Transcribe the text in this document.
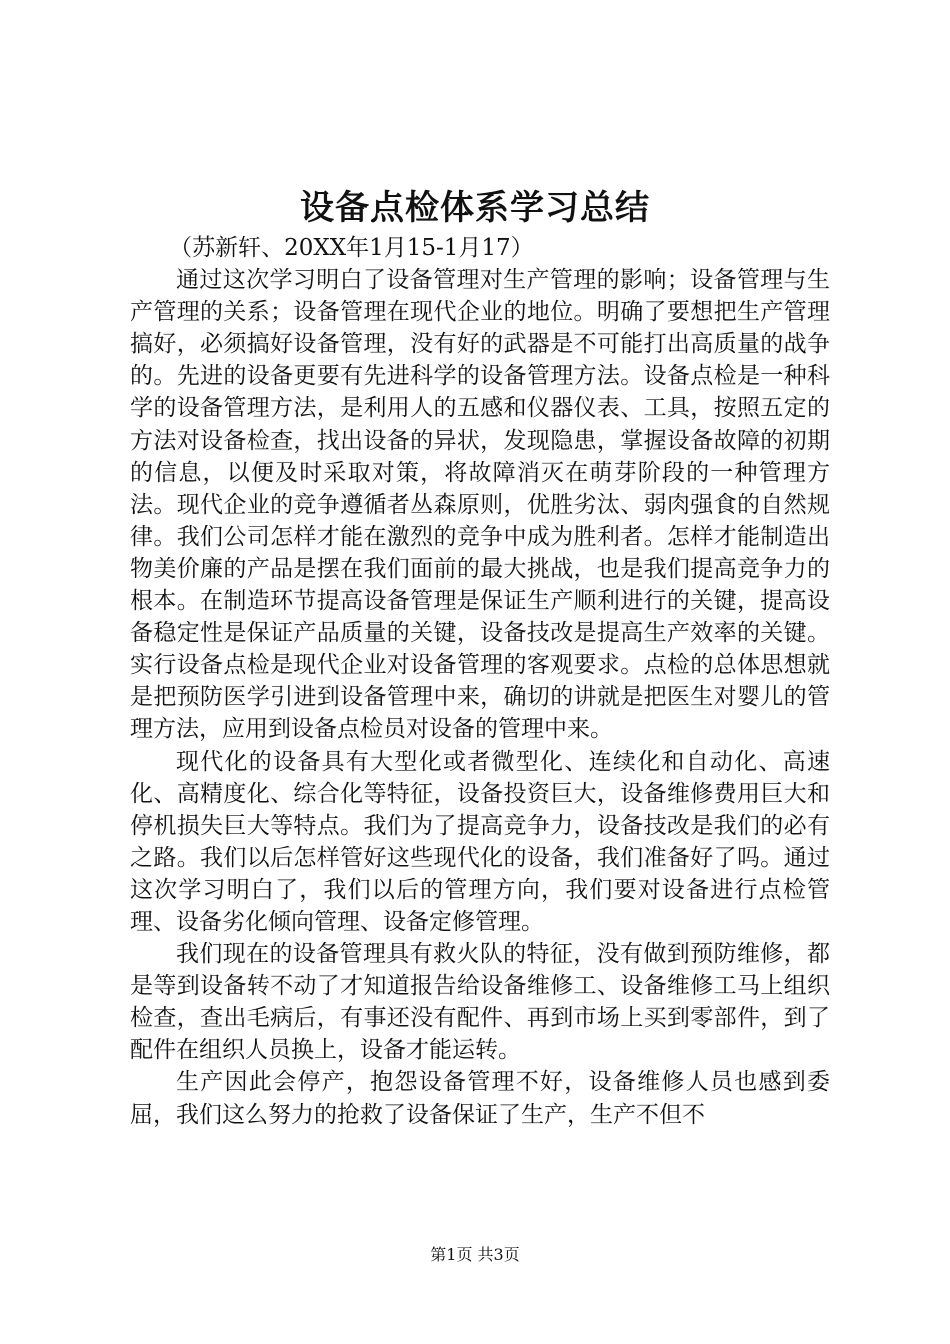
设备点检体系学习总结

（苏新轩、20XX年1月15-1月17）

通过这次学习明白了设备管理对生产管理的影响；设备管理与生产管理的关系；设备管理在现代企业的地位。明确了要想把生产管理搞好，必须搞好设备管理，没有好的武器是不可能打出高质量的战争的。先进的设备更要有先进科学的设备管理方法。设备点检是一种科学的设备管理方法，是利用人的五感和仪器仪表、工具，按照五定的方法对设备检查，找出设备的异状，发现隐患，掌握设备故障的初期的信息，以便及时采取对策，将故障消灭在萌芽阶段的一种管理方法。现代企业的竞争遵循者丛森原则，优胜劣汰、弱肉强食的自然规律。我们公司怎样才能在激烈的竞争中成为胜利者。怎样才能制造出物美价廉的产品是摆在我们面前的最大挑战，也是我们提高竞争力的根本。在制造环节提高设备管理是保证生产顺利进行的关键，提高设备稳定性是保证产品质量的关键，设备技改是提高生产效率的关键。实行设备点检是现代企业对设备管理的客观要求。点检的总体思想就是把预防医学引进到设备管理中来，确切的讲就是把医生对婴儿的管理方法，应用到设备点检员对设备的管理中来。

现代化的设备具有大型化或者微型化、连续化和自动化、高速化、高精度化、综合化等特征，设备投资巨大，设备维修费用巨大和停机损失巨大等特点。我们为了提高竞争力，设备技改是我们的必有之路。我们以后怎样管好这些现代化的设备，我们准备好了吗。通过这次学习明白了，我们以后的管理方向，我们要对设备进行点检管理、设备劣化倾向管理、设备定修管理。

我们现在的设备管理具有救火队的特征，没有做到预防维修，都是等到设备转不动了才知道报告给设备维修工、设备维修工马上组织检查，查出毛病后，有事还没有配件、再到市场上买到零部件，到了配件在组织人员换上，设备才能运转。

生产因此会停产，抱怨设备管理不好，设备维修人员也感到委屈，我们这么努力的抢救了设备保证了生产，生产不但不

第1页 共3页
